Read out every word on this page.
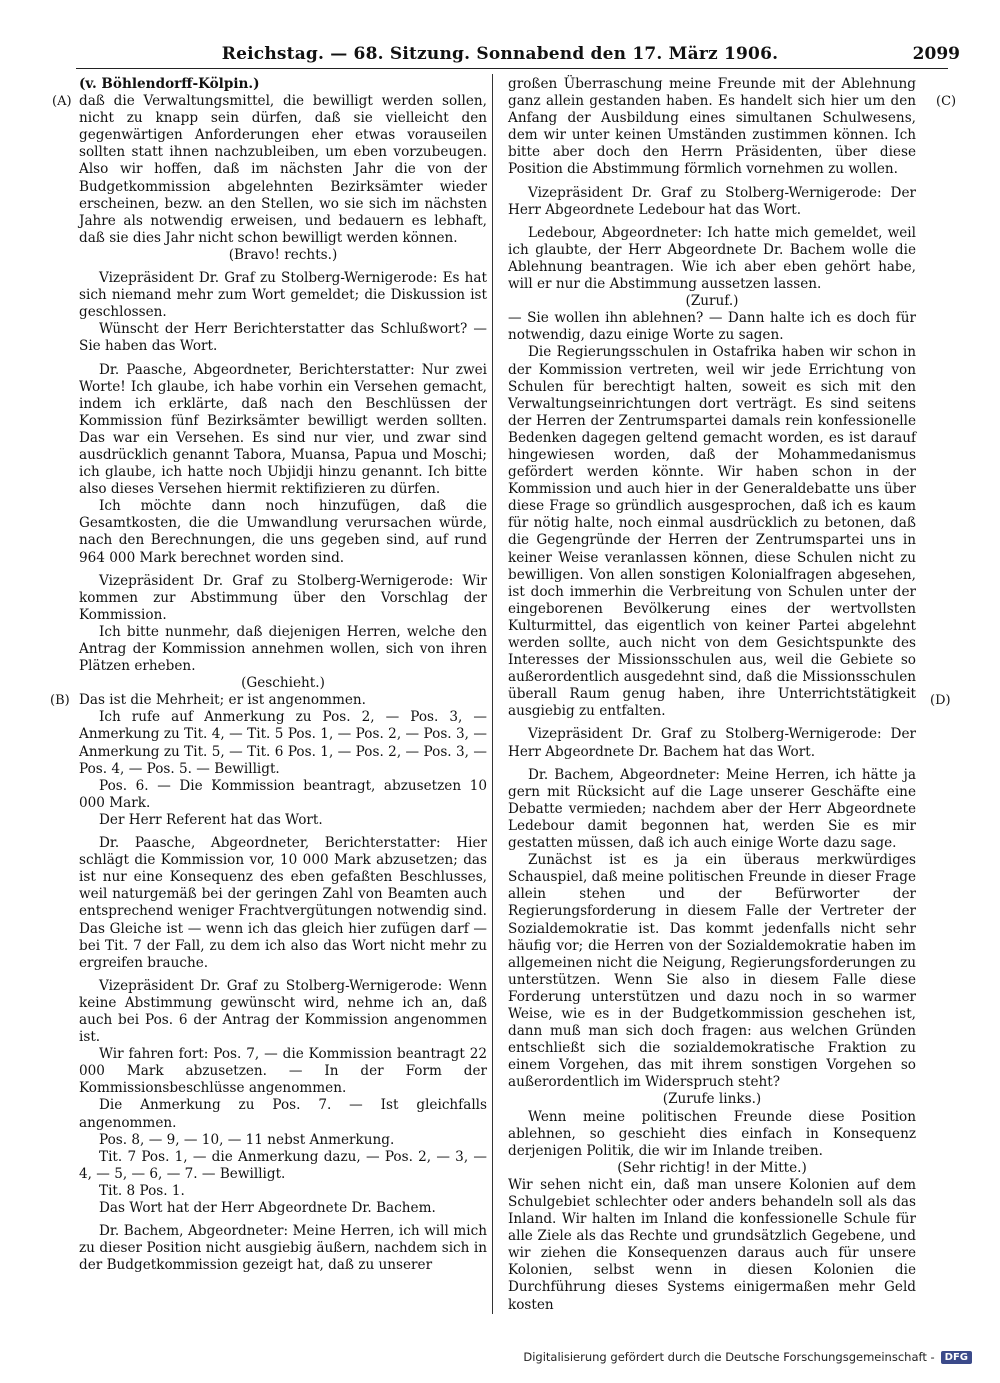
Reichstag. — 68. Sitzung. Sonnabend den 17. März 1906.	2099
(A)
(B)
(C)
(D)

(v. Böhlendorff-Kölpin.)

daß die Verwaltungsmittel, die bewilligt werden sollen, nicht zu knapp sein dürfen, daß sie vielleicht den gegenwärtigen Anforderungen eher etwas vorauseilen sollten statt ihnen nachzubleiben, um eben vorzubeugen. Also wir hoffen, daß im nächsten Jahr die von der Budgetkommission abgelehnten Bezirksämter wieder erscheinen, bezw. an den Stellen, wo sie sich im nächsten Jahre als notwendig erweisen, und bedauern es lebhaft, daß sie dies Jahr nicht schon bewilligt werden können.

(Bravo! rechts.)

Vizepräsident Dr. Graf zu Stolberg-Wernigerode: Es hat sich niemand mehr zum Wort gemeldet; die Diskussion ist geschlossen.

Wünscht der Herr Berichterstatter das Schlußwort? — Sie haben das Wort.

Dr. Paasche, Abgeordneter, Berichterstatter: Nur zwei Worte! Ich glaube, ich habe vorhin ein Versehen gemacht, indem ich erklärte, daß nach den Beschlüssen der Kommission fünf Bezirksämter bewilligt werden sollten. Das war ein Versehen. Es sind nur vier, und zwar sind ausdrücklich genannt Tabora, Muansa, Papua und Moschi; ich glaube, ich hatte noch Ubjidji hinzu genannt. Ich bitte also dieses Versehen hiermit rektifizieren zu dürfen.

Ich möchte dann noch hinzufügen, daß die Gesamtkosten, die die Umwandlung verursachen würde, nach den Berechnungen, die uns gegeben sind, auf rund 964 000 Mark berechnet worden sind.

Vizepräsident Dr. Graf zu Stolberg-Wernigerode: Wir kommen zur Abstimmung über den Vorschlag der Kommission.

Ich bitte nunmehr, daß diejenigen Herren, welche den Antrag der Kommission annehmen wollen, sich von ihren Plätzen erheben.

(Geschieht.)

Das ist die Mehrheit; er ist angenommen.

Ich rufe auf Anmerkung zu Pos. 2, — Pos. 3, — Anmerkung zu Tit. 4, — Tit. 5 Pos. 1, — Pos. 2, — Pos. 3, — Anmerkung zu Tit. 5, — Tit. 6 Pos. 1, — Pos. 2, — Pos. 3, — Pos. 4, — Pos. 5. — Bewilligt.

Pos. 6. — Die Kommission beantragt, abzusetzen 10 000 Mark.

Der Herr Referent hat das Wort.

Dr. Paasche, Abgeordneter, Berichterstatter: Hier schlägt die Kommission vor, 10 000 Mark abzusetzen; das ist nur eine Konsequenz des eben gefaßten Beschlusses, weil naturgemäß bei der geringen Zahl von Beamten auch entsprechend weniger Frachtvergütungen notwendig sind. Das Gleiche ist — wenn ich das gleich hier zufügen darf — bei Tit. 7 der Fall, zu dem ich also das Wort nicht mehr zu ergreifen brauche.

Vizepräsident Dr. Graf zu Stolberg-Wernigerode: Wenn keine Abstimmung gewünscht wird, nehme ich an, daß auch bei Pos. 6 der Antrag der Kommission angenommen ist.

Wir fahren fort: Pos. 7, — die Kommission beantragt 22 000 Mark abzusetzen. — In der Form der Kommissionsbeschlüsse angenommen.

Die Anmerkung zu Pos. 7. — Ist gleichfalls angenommen.

Pos. 8, — 9, — 10, — 11 nebst Anmerkung.

Tit. 7 Pos. 1, — die Anmerkung dazu, — Pos. 2, — 3, — 4, — 5, — 6, — 7. — Bewilligt.

Tit. 8 Pos. 1.

Das Wort hat der Herr Abgeordnete Dr. Bachem.

Dr. Bachem, Abgeordneter: Meine Herren, ich will mich zu dieser Position nicht ausgiebig äußern, nachdem sich in der Budgetkommission gezeigt hat, daß zu unserer

großen Überraschung meine Freunde mit der Ablehnung ganz allein gestanden haben. Es handelt sich hier um den Anfang der Ausbildung eines simultanen Schulwesens, dem wir unter keinen Umständen zustimmen können. Ich bitte aber doch den Herrn Präsidenten, über diese Position die Abstimmung förmlich vornehmen zu wollen.

Vizepräsident Dr. Graf zu Stolberg-Wernigerode: Der Herr Abgeordnete Ledebour hat das Wort.

Ledebour, Abgeordneter: Ich hatte mich gemeldet, weil ich glaubte, der Herr Abgeordnete Dr. Bachem wolle die Ablehnung beantragen. Wie ich aber eben gehört habe, will er nur die Abstimmung aussetzen lassen.

(Zuruf.)

— Sie wollen ihn ablehnen? — Dann halte ich es doch für notwendig, dazu einige Worte zu sagen.

Die Regierungsschulen in Ostafrika haben wir schon in der Kommission vertreten, weil wir jede Errichtung von Schulen für berechtigt halten, soweit es sich mit den Verwaltungseinrichtungen dort verträgt. Es sind seitens der Herren der Zentrumspartei damals rein konfessionelle Bedenken dagegen geltend gemacht worden, es ist darauf hingewiesen worden, daß der Mohammedanismus gefördert werden könnte. Wir haben schon in der Kommission und auch hier in der Generaldebatte uns über diese Frage so gründlich ausgesprochen, daß ich es kaum für nötig halte, noch einmal ausdrücklich zu betonen, daß die Gegengründe der Herren der Zentrumspartei uns in keiner Weise veranlassen können, diese Schulen nicht zu bewilligen. Von allen sonstigen Kolonialfragen abgesehen, ist doch immerhin die Verbreitung von Schulen unter der eingeborenen Bevölkerung eines der wertvollsten Kulturmittel, das eigentlich von keiner Partei abgelehnt werden sollte, auch nicht von dem Gesichtspunkte des Interesses der Missionsschulen aus, weil die Gebiete so außerordentlich ausgedehnt sind, daß die Missionsschulen überall Raum genug haben, ihre Unterrichtstätigkeit ausgiebig zu entfalten.

Vizepräsident Dr. Graf zu Stolberg-Wernigerode: Der Herr Abgeordnete Dr. Bachem hat das Wort.

Dr. Bachem, Abgeordneter: Meine Herren, ich hätte ja gern mit Rücksicht auf die Lage unserer Geschäfte eine Debatte vermieden; nachdem aber der Herr Abgeordnete Ledebour damit begonnen hat, werden Sie es mir gestatten müssen, daß ich auch einige Worte dazu sage.

Zunächst ist es ja ein überaus merkwürdiges Schauspiel, daß meine politischen Freunde in dieser Frage allein stehen und der Befürworter der Regierungsforderung in diesem Falle der Vertreter der Sozialdemokratie ist. Das kommt jedenfalls nicht sehr häufig vor; die Herren von der Sozialdemokratie haben im allgemeinen nicht die Neigung, Regierungsforderungen zu unterstützen. Wenn Sie also in diesem Falle diese Forderung unterstützen und dazu noch in so warmer Weise, wie es in der Budgetkommission geschehen ist, dann muß man sich doch fragen: aus welchen Gründen entschließt sich die sozialdemokratische Fraktion zu einem Vorgehen, das mit ihrem sonstigen Vorgehen so außerordentlich im Widerspruch steht?

(Zurufe links.)

Wenn meine politischen Freunde diese Position ablehnen, so geschieht dies einfach in Konsequenz derjenigen Politik, die wir im Inlande treiben.

(Sehr richtig! in der Mitte.)

Wir sehen nicht ein, daß man unsere Kolonien auf dem Schulgebiet schlechter oder anders behandeln soll als das Inland. Wir halten im Inland die konfessionelle Schule für alle Ziele als das Rechte und grundsätzlich Gegebene, und wir ziehen die Konsequenzen daraus auch für unsere Kolonien, selbst wenn in diesen Kolonien die Durchführung dieses Systems einigermaßen mehr Geld kosten

Digitalisierung gefördert durch die Deutsche Forschungsgemeinschaft -	DFG
